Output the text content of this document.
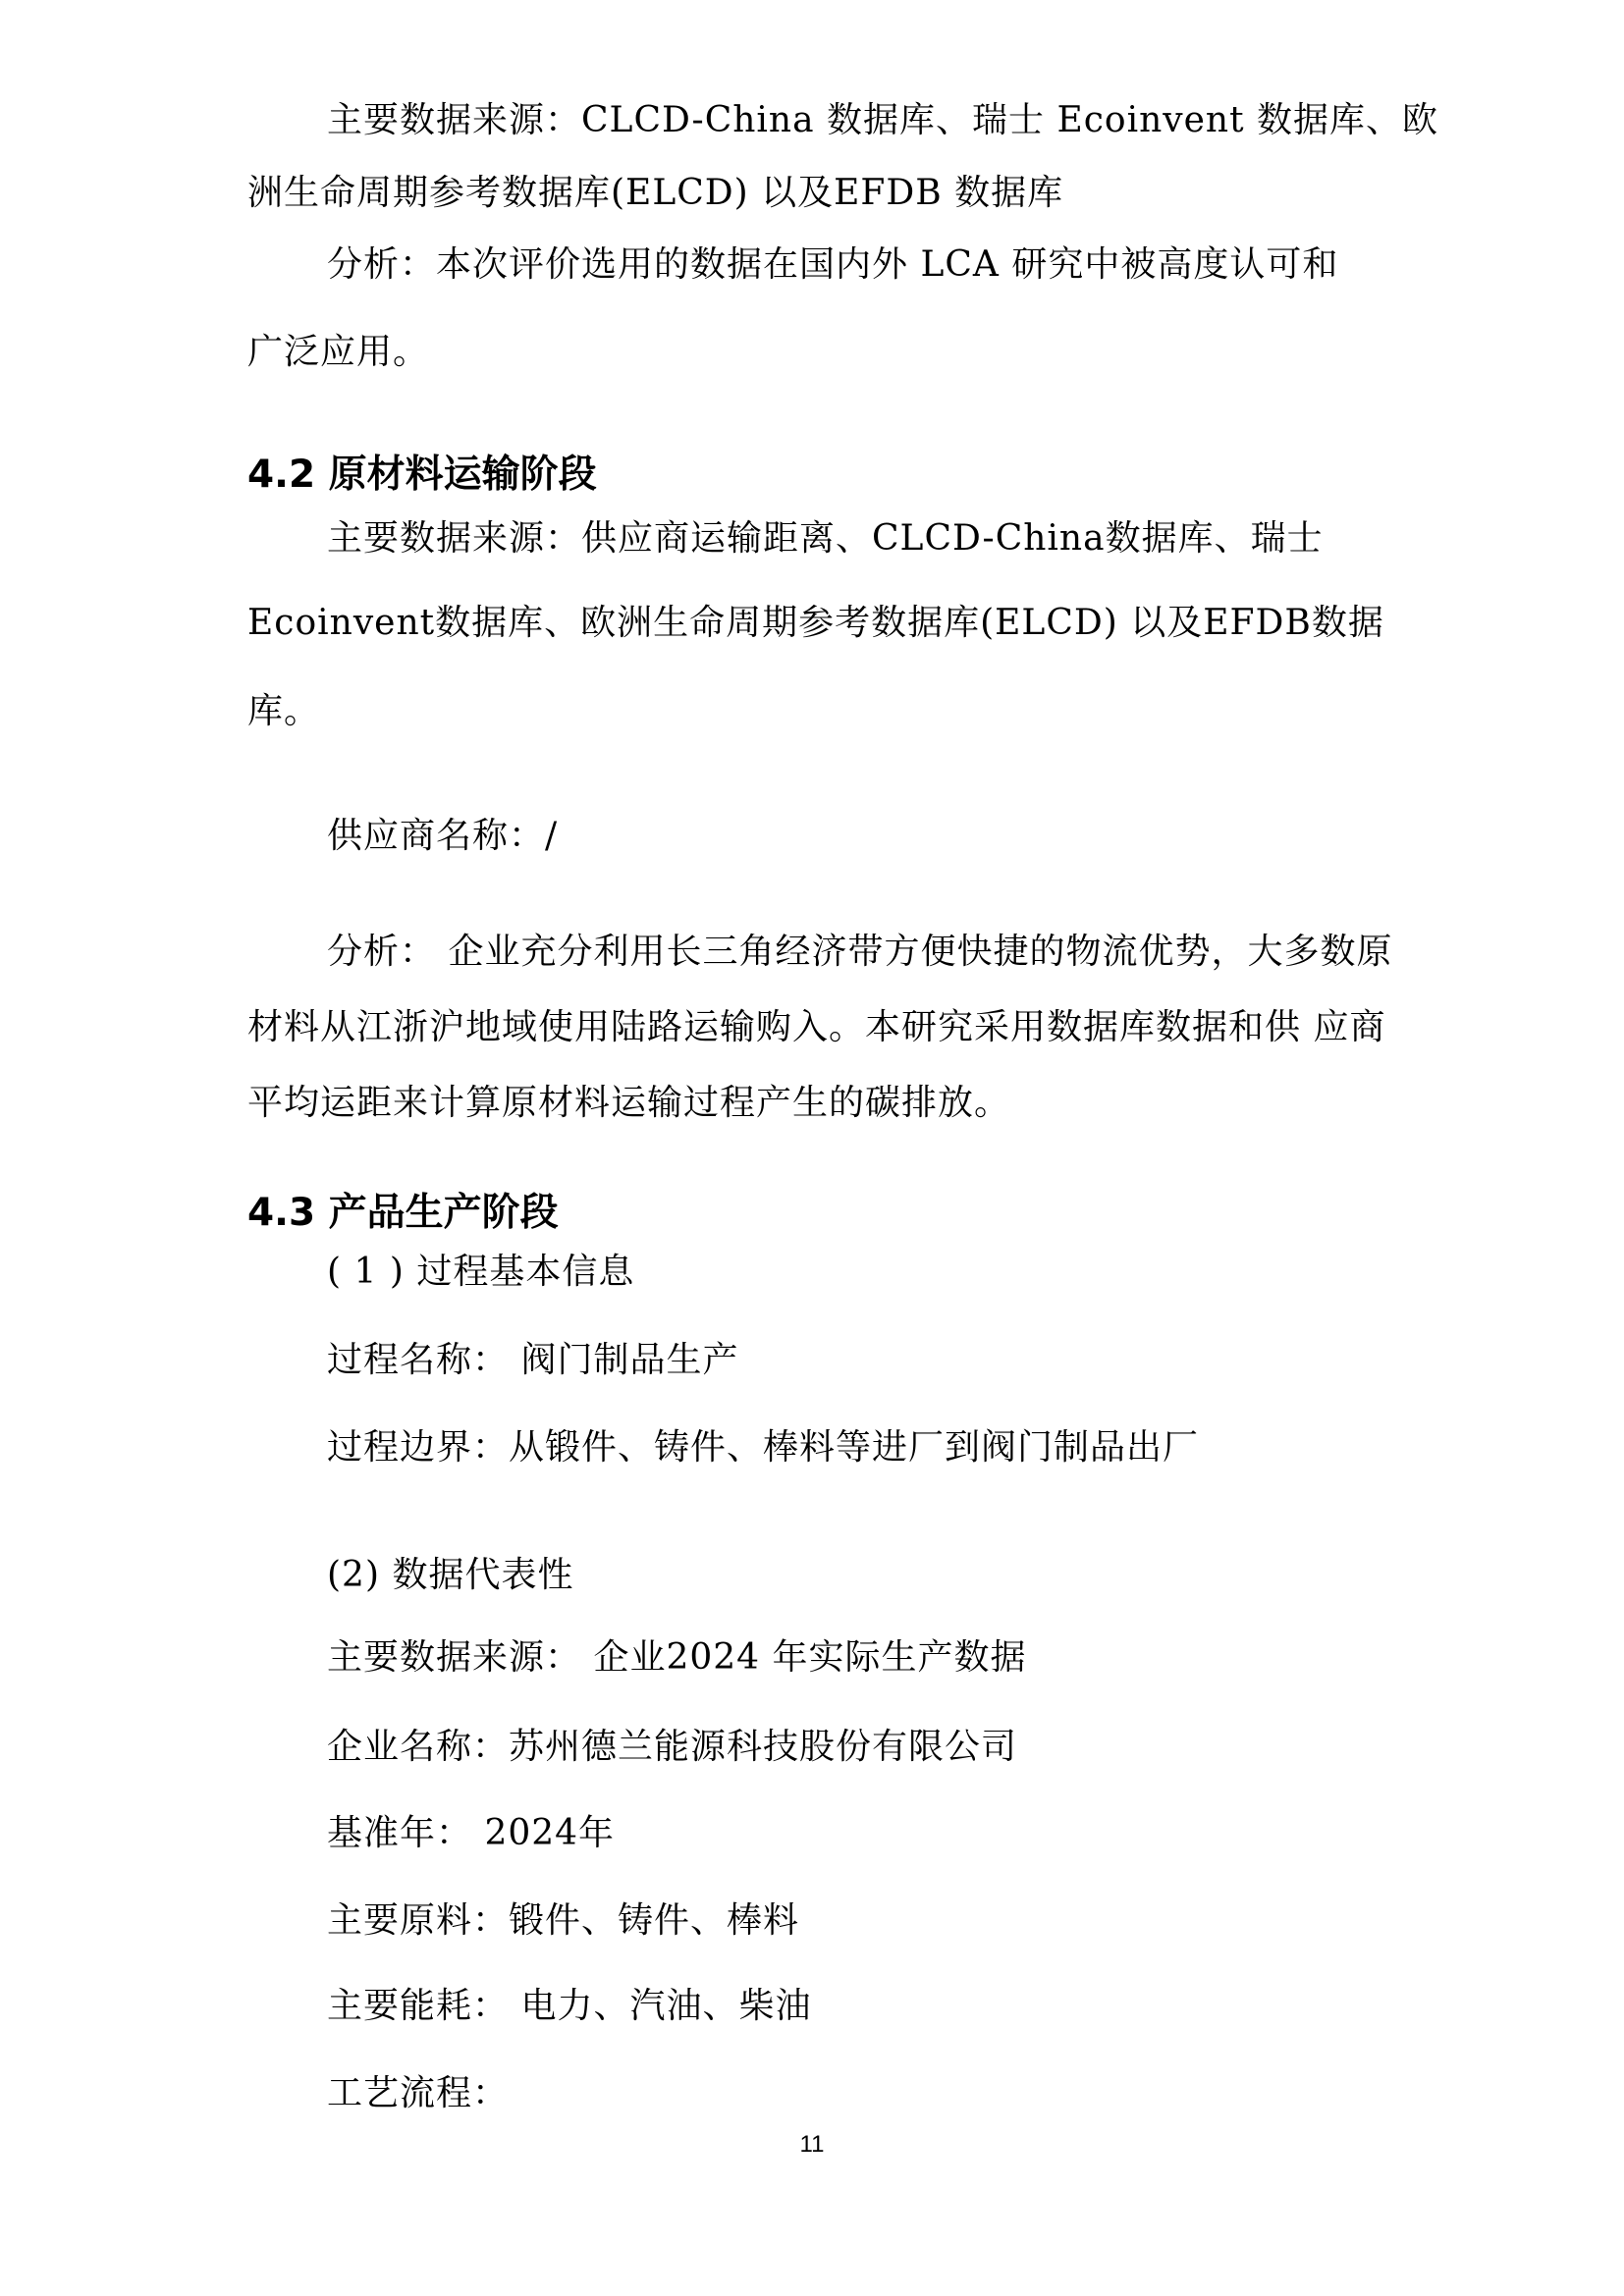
主要数据来源：CLCD-China 数据库、瑞士 Ecoinvent 数据库、欧
洲生命周期参考数据库(ELCD) 以及EFDB 数据库
分析：本次评价选用的数据在国内外 LCA 研究中被高度认可和
广泛应用。
4.2 原材料运输阶段
主要数据来源：供应商运输距离、CLCD-China数据库、瑞士
Ecoinvent数据库、欧洲生命周期参考数据库(ELCD) 以及EFDB数据
库。
供应商名称：/
分析： 企业充分利用长三角经济带方便快捷的物流优势，大多数原
材料从江浙沪地域使用陆路运输购入。本研究采用数据库数据和供 应商
平均运距来计算原材料运输过程产生的碳排放。
4.3 产品生产阶段
( 1 ) 过程基本信息
过程名称： 阀门制品生产
过程边界：从锻件、铸件、棒料等进厂到阀门制品出厂
(2) 数据代表性
主要数据来源： 企业2024 年实际生产数据
企业名称：苏州德兰能源科技股份有限公司
基准年： 2024年
主要原料：锻件、铸件、棒料
主要能耗： 电力、汽油、柴油
工艺流程：
11
